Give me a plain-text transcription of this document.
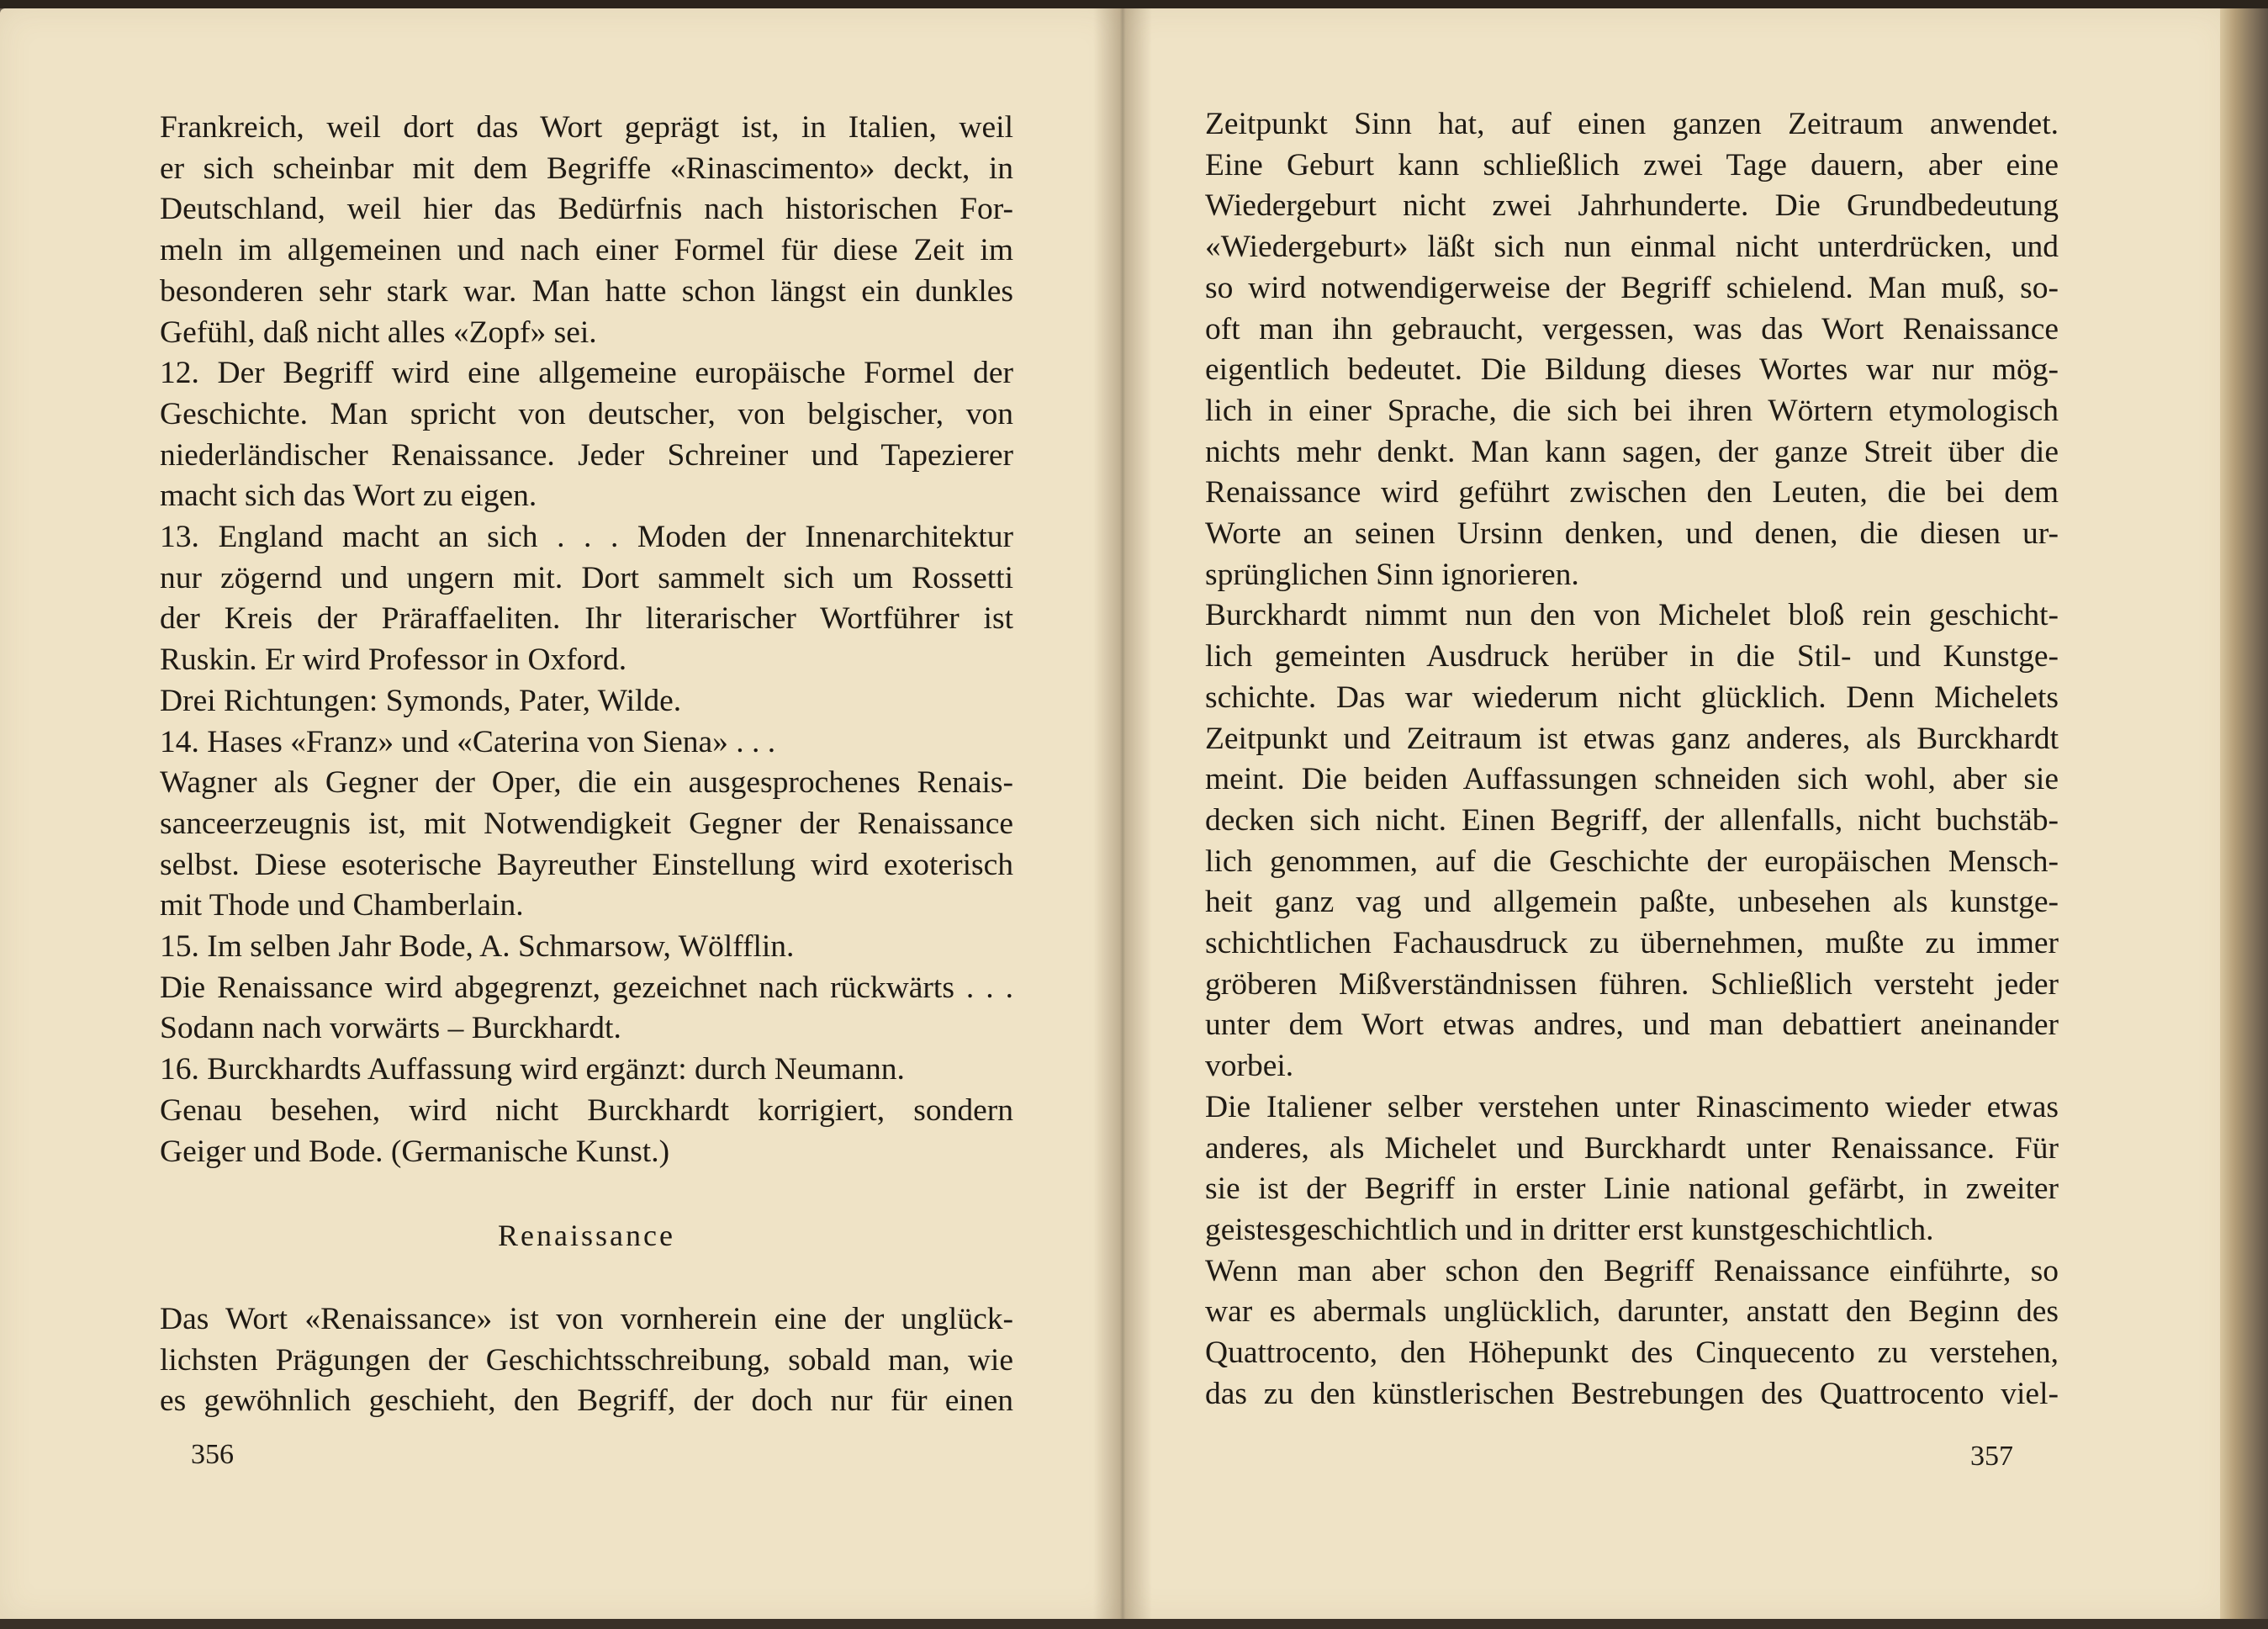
Frankreich, weil dort das Wort geprägt ist, in Italien, weil
er sich scheinbar mit dem Begriffe «Rinascimento» deckt, in
Deutschland, weil hier das Bedürfnis nach historischen For-
meln im allgemeinen und nach einer Formel für diese Zeit im
besonderen sehr stark war. Man hatte schon längst ein dunkles
Gefühl, daß nicht alles «Zopf» sei.
12. Der Begriff wird eine allgemeine europäische Formel der
Geschichte. Man spricht von deutscher, von belgischer, von
niederländischer Renaissance. Jeder Schreiner und Tapezierer
macht sich das Wort zu eigen.
13. England macht an sich . . . Moden der Innenarchitektur
nur zögernd und ungern mit. Dort sammelt sich um Rossetti
der Kreis der Präraffaeliten. Ihr literarischer Wortführer ist
Ruskin. Er wird Professor in Oxford.
Drei Richtungen: Symonds, Pater, Wilde.
14. Hases «Franz» und «Caterina von Siena» . . .
Wagner als Gegner der Oper, die ein ausgesprochenes Renais-
sanceerzeugnis ist, mit Notwendigkeit Gegner der Renaissance
selbst. Diese esoterische Bayreuther Einstellung wird exoterisch
mit Thode und Chamberlain.
15. Im selben Jahr Bode, A. Schmarsow, Wölfflin.
Die Renaissance wird abgegrenzt, gezeichnet nach rückwärts . . .
Sodann nach vorwärts – Burckhardt.
16. Burckhardts Auffassung wird ergänzt: durch Neumann.
Genau besehen, wird nicht Burckhardt korrigiert, sondern
Geiger und Bode. (Germanische Kunst.)
Renaissance
Das Wort «Renaissance» ist von vornherein eine der unglück-
lichsten Prägungen der Geschichtsschreibung, sobald man, wie
es gewöhnlich geschieht, den Begriff, der doch nur für einen
356
Zeitpunkt Sinn hat, auf einen ganzen Zeitraum anwendet.
Eine Geburt kann schließlich zwei Tage dauern, aber eine
Wiedergeburt nicht zwei Jahrhunderte. Die Grundbedeutung
«Wiedergeburt» läßt sich nun einmal nicht unterdrücken, und
so wird notwendigerweise der Begriff schielend. Man muß, so-
oft man ihn gebraucht, vergessen, was das Wort Renaissance
eigentlich bedeutet. Die Bildung dieses Wortes war nur mög-
lich in einer Sprache, die sich bei ihren Wörtern etymologisch
nichts mehr denkt. Man kann sagen, der ganze Streit über die
Renaissance wird geführt zwischen den Leuten, die bei dem
Worte an seinen Ursinn denken, und denen, die diesen ur-
sprünglichen Sinn ignorieren.
Burckhardt nimmt nun den von Michelet bloß rein geschicht-
lich gemeinten Ausdruck herüber in die Stil- und Kunstge-
schichte. Das war wiederum nicht glücklich. Denn Michelets
Zeitpunkt und Zeitraum ist etwas ganz anderes, als Burckhardt
meint. Die beiden Auffassungen schneiden sich wohl, aber sie
decken sich nicht. Einen Begriff, der allenfalls, nicht buchstäb-
lich genommen, auf die Geschichte der europäischen Mensch-
heit ganz vag und allgemein paßte, unbesehen als kunstge-
schichtlichen Fachausdruck zu übernehmen, mußte zu immer
gröberen Mißverständnissen führen. Schließlich versteht jeder
unter dem Wort etwas andres, und man debattiert aneinander
vorbei.
Die Italiener selber verstehen unter Rinascimento wieder etwas
anderes, als Michelet und Burckhardt unter Renaissance. Für
sie ist der Begriff in erster Linie national gefärbt, in zweiter
geistesgeschichtlich und in dritter erst kunstgeschichtlich.
Wenn man aber schon den Begriff Renaissance einführte, so
war es abermals unglücklich, darunter, anstatt den Beginn des
Quattrocento, den Höhepunkt des Cinquecento zu verstehen,
das zu den künstlerischen Bestrebungen des Quattrocento viel-
357
